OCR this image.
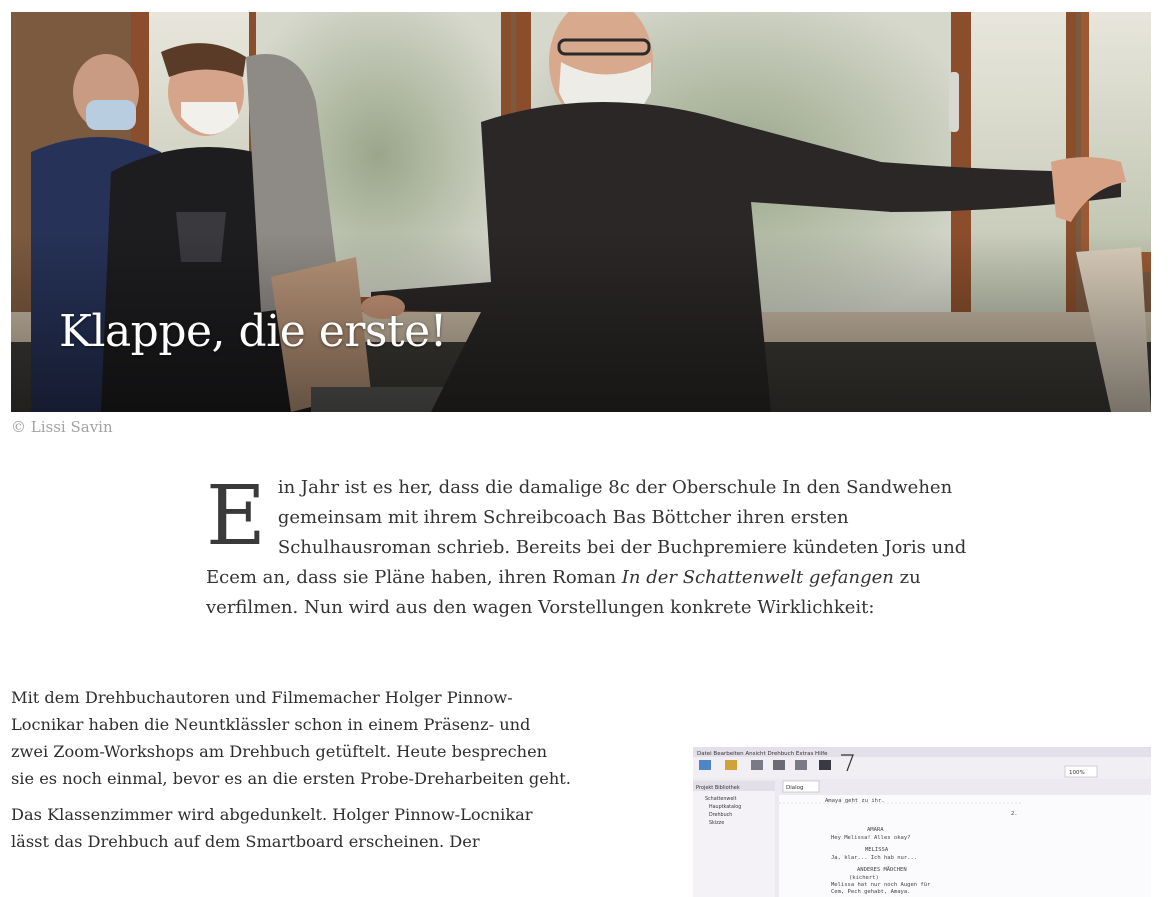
Klappe, die erste!
© Lissi Savin
Ein Jahr ist es her, dass die damalige 8c der Oberschule In den Sandwehen gemeinsam mit ihrem Schreibcoach Bas Böttcher ihren ersten Schulhausroman schrieb. Bereits bei der Buchpremiere kündeten Joris und Ecem an, dass sie Pläne haben, ihren Roman In der Schattenwelt gefangen zu verfilmen. Nun wird aus den wagen Vorstellungen konkrete Wirklichkeit:

Mit dem Drehbuchautoren und Filmemacher Holger Pinnow-Locnikar haben die Neuntklässler schon in einem Präsenz- und zwei Zoom-Workshops am Drehbuch getüftelt. Heute besprechen sie es noch einmal, bevor es an die ersten Probe-Dreharbeiten geht.

Das Klassenzimmer wird abgedunkelt. Holger Pinnow-Locnikar lässt das Drehbuch auf dem Smartboard erscheinen. Der

Datei Bearbeiten Ansicht Drehbuch Extras Hilfe
100%
Projekt Bibliothek
Schattenwelt
Hauptkatalog
Drehbuch
Skizze
Dialog
2.
Amaya geht zu ihr.
AMARA
Hey Melissa! Alles okay?
MELISSA
Ja, klar... Ich hab nur...
ANDERES MÄDCHEN
(kichert)
Melissa hat nur noch Augen für
Cem, Pech gehabt, Amaya.
